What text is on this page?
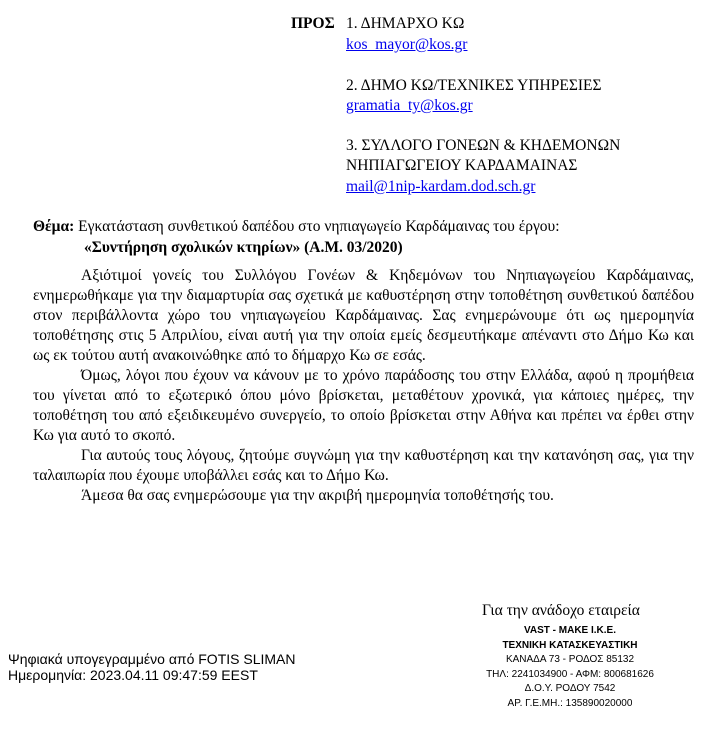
ΠΡΟΣ 1. ΔΗΜΑΡΧΟ ΚΩ
kos_mayor@kos.gr
2. ΔΗΜΟ ΚΩ/ΤΕΧΝΙΚΕΣ ΥΠΗΡΕΣΙΕΣ
gramatia_ty@kos.gr
3. ΣΥΛΛΟΓΟ ΓΟΝΕΩΝ & ΚΗΔΕΜΟΝΩΝ
ΝΗΠΙΑΓΩΓΕΙΟΥ ΚΑΡΔΑΜΑΙΝΑΣ
mail@1nip-kardam.dod.sch.gr
Θέμα: Εγκατάσταση συνθετικού δαπέδου στο νηπιαγωγείο Καρδάμαινας του έργου:
«Συντήρηση σχολικών κτηρίων» (Α.Μ. 03/2020)

Αξιότιμοί γονείς του Συλλόγου Γονέων & Κηδεμόνων του Νηπιαγωγείου Καρδάμαινας, ενημερωθήκαμε για την διαμαρτυρία σας σχετικά με καθυστέρηση στην τοποθέτηση συνθετικού δαπέδου στον περιβάλλοντα χώρο του νηπιαγωγείου Καρδάμαινας. Σας ενημερώνουμε ότι ως ημερομηνία τοποθέτησης στις 5 Απριλίου, είναι αυτή για την οποία εμείς δεσμευτήκαμε απέναντι στο Δήμο Κω και ως εκ τούτου αυτή ανακοινώθηκε από το δήμαρχο Κω σε εσάς.

Όμως, λόγοι που έχουν να κάνουν με το χρόνο παράδοσης του στην Ελλάδα, αφού η προμήθεια του γίνεται από το εξωτερικό όπου μόνο βρίσκεται, μεταθέτουν χρονικά, για κάποιες ημέρες, την τοποθέτηση του από εξειδικευμένο συνεργείο, το οποίο βρίσκεται στην Αθήνα και πρέπει να έρθει στην Κω για αυτό το σκοπό.

Για αυτούς τους λόγους, ζητούμε συγνώμη για την καθυστέρηση και την κατανόηση σας, για την ταλαιπωρία που έχουμε υποβάλλει εσάς και το Δήμο Κω.

Άμεσα θα σας ενημερώσουμε για την ακριβή ημερομηνία τοποθέτησής του.

Για την ανάδοχο εταιρεία
VAST - MAKE I.K.E.
ΤΕΧΝΙΚΗ ΚΑΤΑΣΚΕΥΑΣΤΙΚΗ
ΚΑΝΑΔΑ 73 - ΡΟΔΟΣ 85132
ΤΗΛ: 2241034900 - ΑΦΜ: 800681626
Δ.Ο.Υ. ΡΟΔΟΥ 7542
ΑΡ. Γ.Ε.ΜΗ.: 135890020000
Ψηφιακά υπογεγραμμένο από FOTIS SLIMAN
Ημερομηνία: 2023.04.11 09:47:59 EEST
